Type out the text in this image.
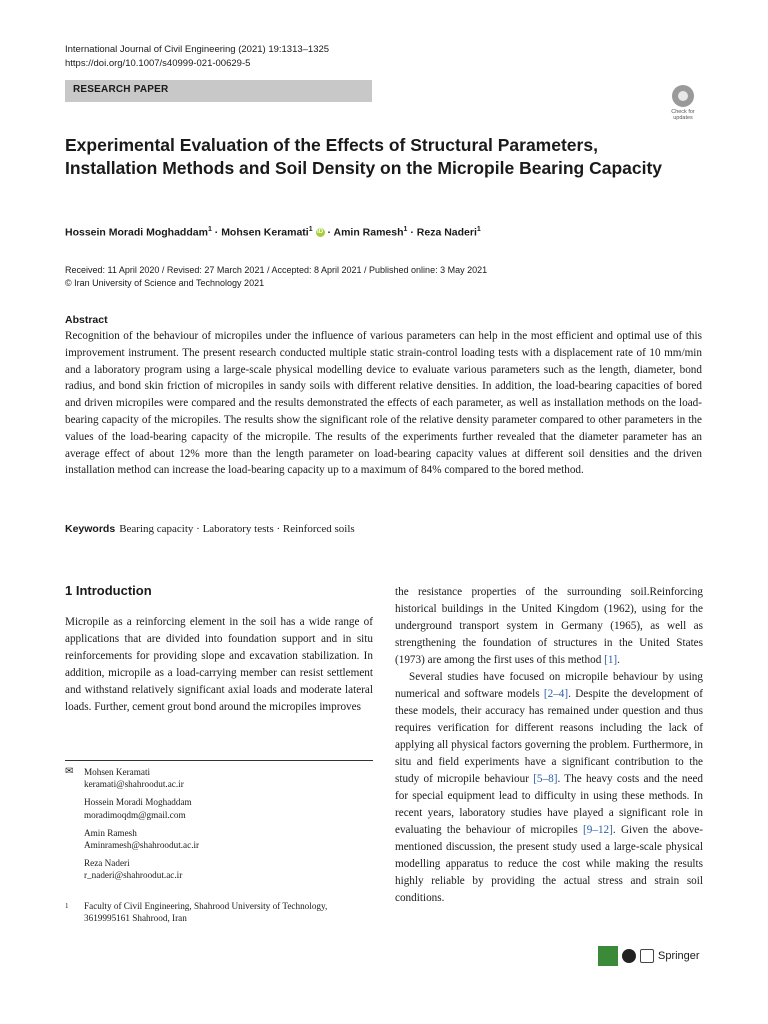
International Journal of Civil Engineering (2021) 19:1313–1325
https://doi.org/10.1007/s40999-021-00629-5
RESEARCH PAPER
Check for updates
Experimental Evaluation of the Effects of Structural Parameters, Installation Methods and Soil Density on the Micropile Bearing Capacity
Hossein Moradi Moghaddam$^1$ · Mohsen Keramati$^1$ iD · Amin Ramesh$^1$ · Reza Naderi$^1$
Received: 11 April 2020 / Revised: 27 March 2021 / Accepted: 8 April 2021 / Published online: 3 May 2021
© Iran University of Science and Technology 2021
Abstract
Recognition of the behaviour of micropiles under the influence of various parameters can help in the most efficient and optimal use of this improvement instrument. The present research conducted multiple static strain-control loading tests with a displacement rate of 10 mm/min and a laboratory program using a large-scale physical modelling device to evaluate various parameters such as the length, diameter, bond radius, and bond skin friction of micropiles in sandy soils with different relative densities. In addition, the load-bearing capacities of bored and driven micropiles were compared and the results demonstrated the effects of each parameter, as well as installation methods on the load-bearing capacity of the micropiles. The results show the significant role of the relative density parameter compared to other parameters in the values of the load-bearing capacity of the micropile. The results of the experiments further revealed that the diameter parameter has an average effect of about 12% more than the length parameter on load-bearing capacity values at different soil densities and the driven installation method can increase the load-bearing capacity up to a maximum of 84% compared to the bored method.
Keywords Bearing capacity · Laboratory tests · Reinforced soils
1 Introduction
Micropile as a reinforcing element in the soil has a wide range of applications that are divided into foundation support and in situ reinforcements for providing slope and excavation stabilization. In addition, micropile as a load-carrying member can resist settlement and withstand relatively significant axial loads and moderate lateral loads. Further, cement grout bond around the micropiles improves
✉ Mohsen Keramati
keramati@shahroodut.ac.ir
Hossein Moradi Moghaddam
moradimoqdm@gmail.com
Amin Ramesh
Aminramesh@shahroodut.ac.ir
Reza Naderi
r_naderi@shahroodut.ac.ir
1	Faculty of Civil Engineering, Shahrood University of Technology, 3619995161 Shahrood, Iran

the resistance properties of the surrounding soil.Reinforcing historical buildings in the United Kingdom (1962), using for the underground transport system in Germany (1965), as well as strengthening the foundation of structures in the United States (1973) are among the first uses of this method [1].

Several studies have focused on micropile behaviour by using numerical and software models [2–4]. Despite the development of these models, their accuracy has remained under question and thus requires verification for different reasons including the lack of applying all physical factors governing the problem. Furthermore, in situ and field experiments have a significant contribution to the study of micropile behaviour [5–8]. The heavy costs and the need for special equipment lead to difficulty in using these methods. In recent years, laboratory studies have played a significant role in evaluating the behaviour of micropiles [9–12]. Given the above-mentioned discussion, the present study used a large-scale physical modelling apparatus to reduce the cost while making the results highly reliable by providing the actual stress and strain soil conditions.

Springer
